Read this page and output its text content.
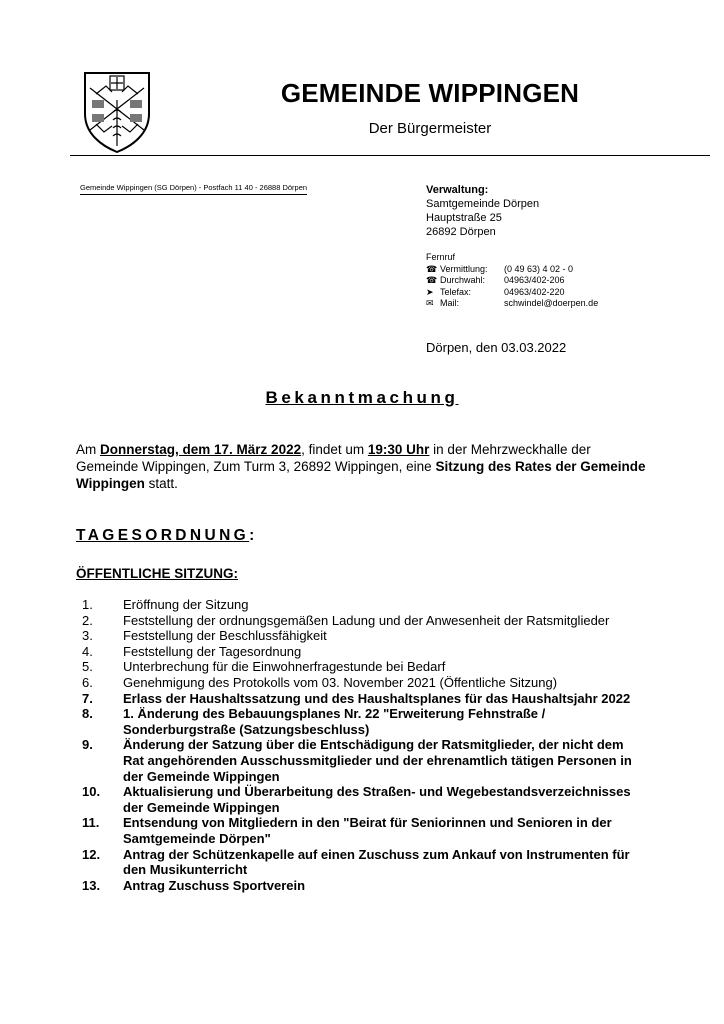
GEMEINDE WIPPINGEN
Der Bürgermeister
Gemeinde Wippingen (SG Dörpen) - Postfach 11 40 - 26888 Dörpen	Verwaltung:
Samtgemeinde Dörpen
Hauptstraße 25
26892 Dörpen
Fernruf
☎ Vermittlung:	(0 49 63) 4 02 - 0
☎ Durchwahl:	04963/402-206
➤ Telefax:	04963/402-220
✉ Mail:	schwindel@doerpen.de
Dörpen, den 03.03.2022
Bekanntmachung
Am Donnerstag, dem 17. März 2022, findet um 19:30 Uhr in der Mehrzweckhalle der Gemeinde Wippingen, Zum Turm 3, 26892 Wippingen, eine Sitzung des Rates der Gemeinde Wippingen statt.
TAGESORDNUNG:
ÖFFENTLICHE SITZUNG:
1.	Eröffnung der Sitzung
2.	Feststellung der ordnungsgemäßen Ladung und der Anwesenheit der Ratsmitglieder
3.	Feststellung der Beschlussfähigkeit
4.	Feststellung der Tagesordnung
5.	Unterbrechung für die Einwohnerfragestunde bei Bedarf
6.	Genehmigung des Protokolls vom 03. November 2021 (Öffentliche Sitzung)
7.	Erlass der Haushaltssatzung und des Haushaltsplanes für das Haushaltsjahr 2022
8.	1. Änderung des Bebauungsplanes Nr. 22 "Erweiterung Fehnstraße / Sonderburgstraße (Satzungsbeschluss)
9.	Änderung der Satzung über die Entschädigung der Ratsmitglieder, der nicht dem Rat angehörenden Ausschussmitglieder und der ehrenamtlich tätigen Personen in der Gemeinde Wippingen
10.	Aktualisierung und Überarbeitung des Straßen- und Wegebestandsverzeichnisses der Gemeinde Wippingen
11.	Entsendung von Mitgliedern in den "Beirat für Seniorinnen und Senioren in der Samtgemeinde Dörpen"
12.	Antrag der Schützenkapelle auf einen Zuschuss zum Ankauf von Instrumenten für den Musikunterricht
13.	Antrag Zuschuss Sportverein
